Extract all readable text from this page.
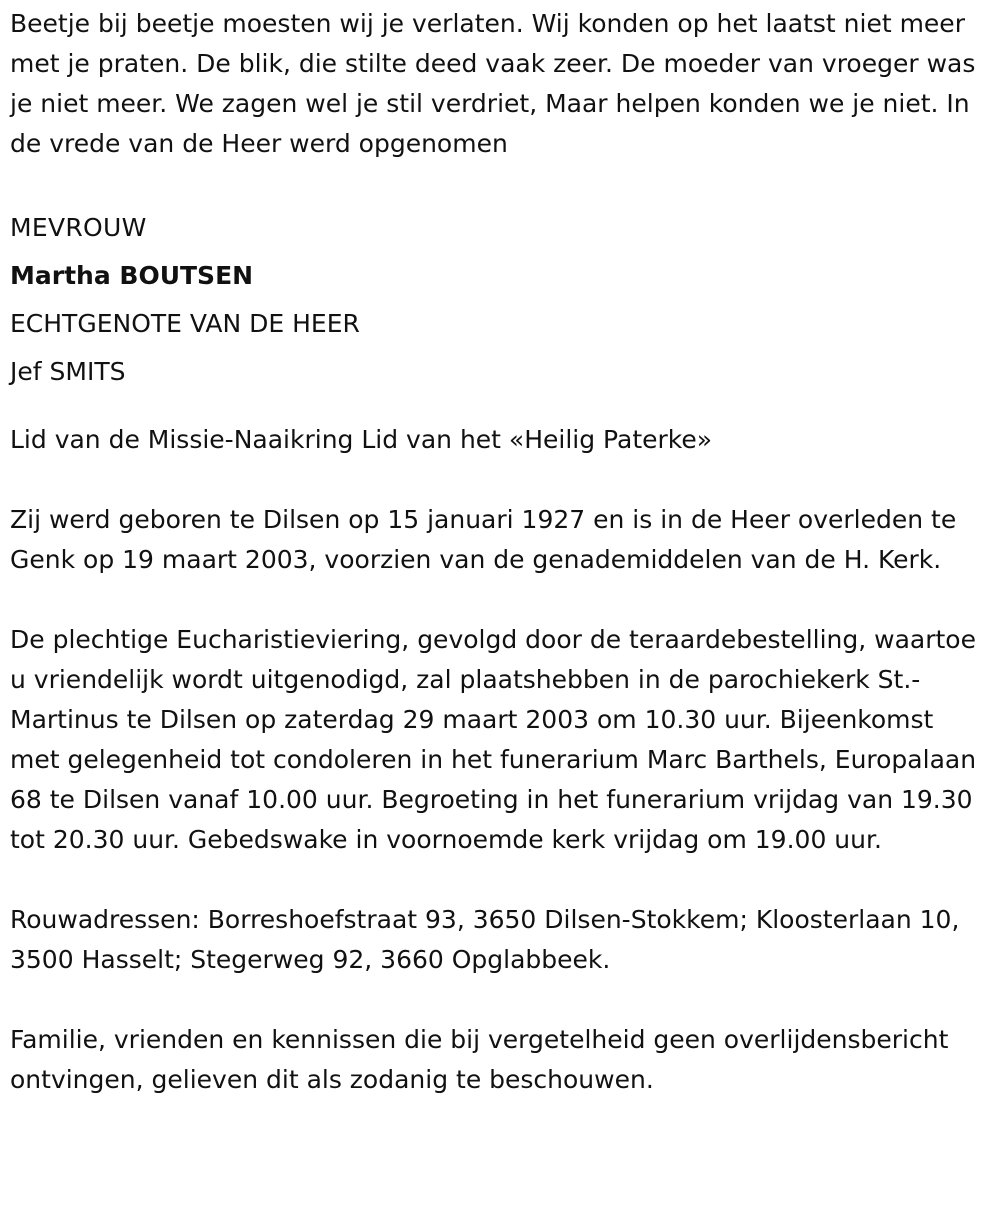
Beetje bij beetje moesten wij je verlaten. Wij konden op het laatst niet meer met je praten. De blik, die stilte deed vaak zeer. De moeder van vroeger was je niet meer. We zagen wel je stil verdriet, Maar helpen konden we je niet. In de vrede van de Heer werd opgenomen

MEVROUW

Martha BOUTSEN

ECHTGENOTE VAN DE HEER

Jef SMITS

Lid van de Missie-Naaikring Lid van het «Heilig Paterke»

Zij werd geboren te Dilsen op 15 januari 1927 en is in de Heer overleden te Genk op 19 maart 2003, voorzien van de genademiddelen van de H. Kerk.

De plechtige Eucharistieviering, gevolgd door de teraardebestelling, waartoe u vriendelijk wordt uitgenodigd, zal plaatshebben in de parochiekerk St.-Martinus te Dilsen op zaterdag 29 maart 2003 om 10.30 uur. Bijeenkomst met gelegenheid tot condoleren in het funerarium Marc Barthels, Europalaan 68 te Dilsen vanaf 10.00 uur. Begroeting in het funerarium vrijdag van 19.30 tot 20.30 uur. Gebedswake in voornoemde kerk vrijdag om 19.00 uur.

Rouwadressen: Borreshoefstraat 93, 3650 Dilsen-Stokkem; Kloosterlaan 10, 3500 Hasselt; Stegerweg 92, 3660 Opglabbeek.

Familie, vrienden en kennissen die bij vergetelheid geen overlijdensbericht ontvingen, gelieven dit als zodanig te beschouwen.
